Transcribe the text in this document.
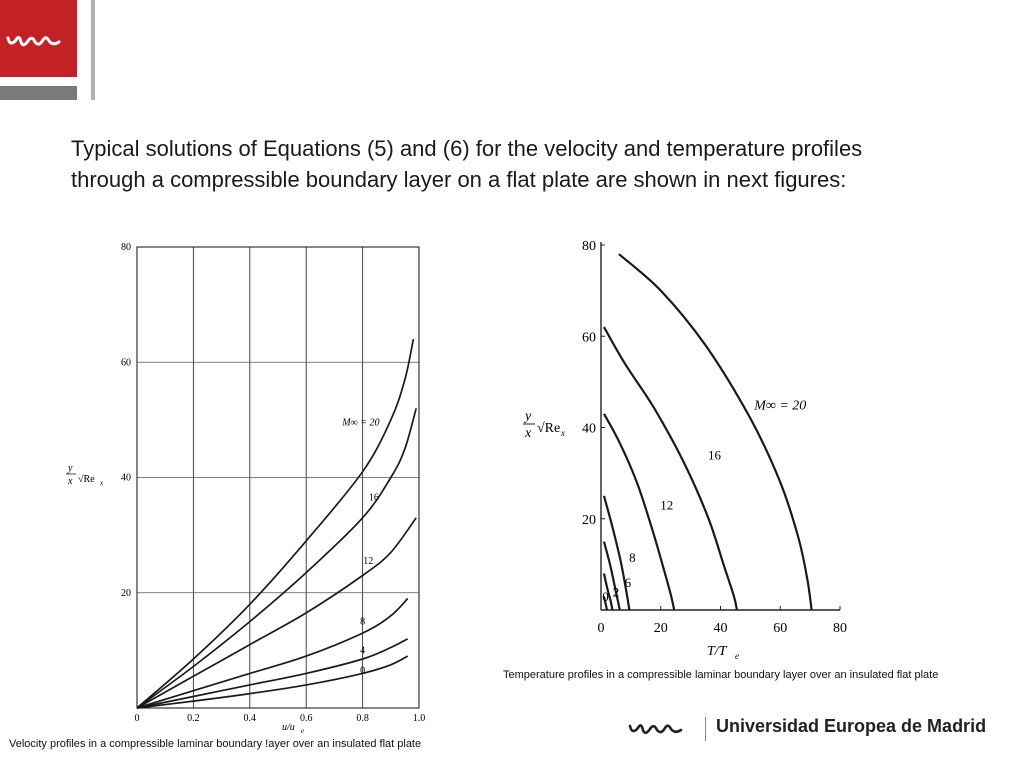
Typical solutions of Equations (5) and (6) for the velocity and temperature profiles through a compressible boundary layer on a flat plate are shown in next figures:
0	0.2	0.4	0.6	0.8	1.0
20
40
60
80
M∞ = 20
16
12
8
4
0
y
x √Re x
u/u e
0	20	40	60	80
20
40
60
80
M∞ = 20
16
12
8
6
2
0
y
x √Re x
T/T e
Temperature profiles in a compressible laminar boundary layer over an insulated flat plate
Velocity profiles in a compressible laminar boundary !ayer over an insulated flat plate
Universidad Europea de Madrid
